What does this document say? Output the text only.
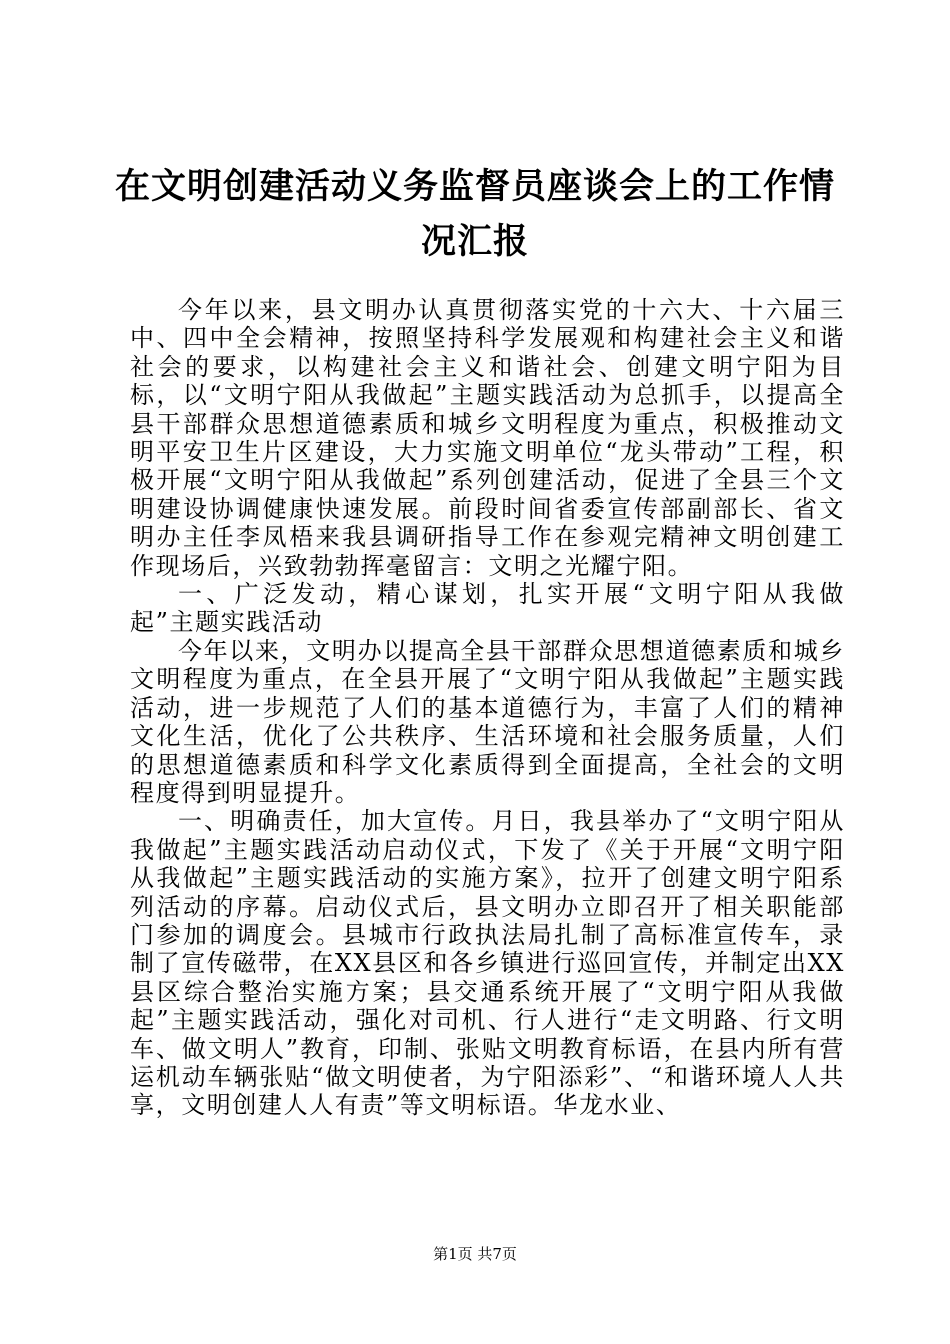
在文明创建活动义务监督员座谈会上的工作情况汇报

今年以来，县文明办认真贯彻落实党的十六大、十六届三中、四中全会精神，按照坚持科学发展观和构建社会主义和谐社会的要求，以构建社会主义和谐社会、创建文明宁阳为目标，以“文明宁阳从我做起”主题实践活动为总抓手，以提高全县干部群众思想道德素质和城乡文明程度为重点，积极推动文明平安卫生片区建设，大力实施文明单位“龙头带动”工程，积极开展“文明宁阳从我做起”系列创建活动，促进了全县三个文明建设协调健康快速发展。前段时间省委宣传部副部长、省文明办主任李凤梧来我县调研指导工作在参观完精神文明创建工作现场后，兴致勃勃挥毫留言：文明之光耀宁阳。

一、广泛发动，精心谋划，扎实开展“文明宁阳从我做起”主题实践活动

今年以来，文明办以提高全县干部群众思想道德素质和城乡文明程度为重点，在全县开展了“文明宁阳从我做起”主题实践活动，进一步规范了人们的基本道德行为，丰富了人们的精神文化生活，优化了公共秩序、生活环境和社会服务质量，人们的思想道德素质和科学文化素质得到全面提高，全社会的文明程度得到明显提升。

一、明确责任，加大宣传。月日，我县举办了“文明宁阳从我做起”主题实践活动启动仪式，下发了《关于开展“文明宁阳从我做起”主题实践活动的实施方案》，拉开了创建文明宁阳系列活动的序幕。启动仪式后，县文明办立即召开了相关职能部门参加的调度会。县城市行政执法局扎制了高标准宣传车，录制了宣传磁带，在XX县区和各乡镇进行巡回宣传，并制定出XX县区综合整治实施方案；县交通系统开展了“文明宁阳从我做起”主题实践活动，强化对司机、行人进行“走文明路、行文明车、做文明人”教育，印制、张贴文明教育标语，在县内所有营运机动车辆张贴“做文明使者，为宁阳添彩”、“和谐环境人人共享，文明创建人人有责”等文明标语。华龙水业、

第1页 共7页
